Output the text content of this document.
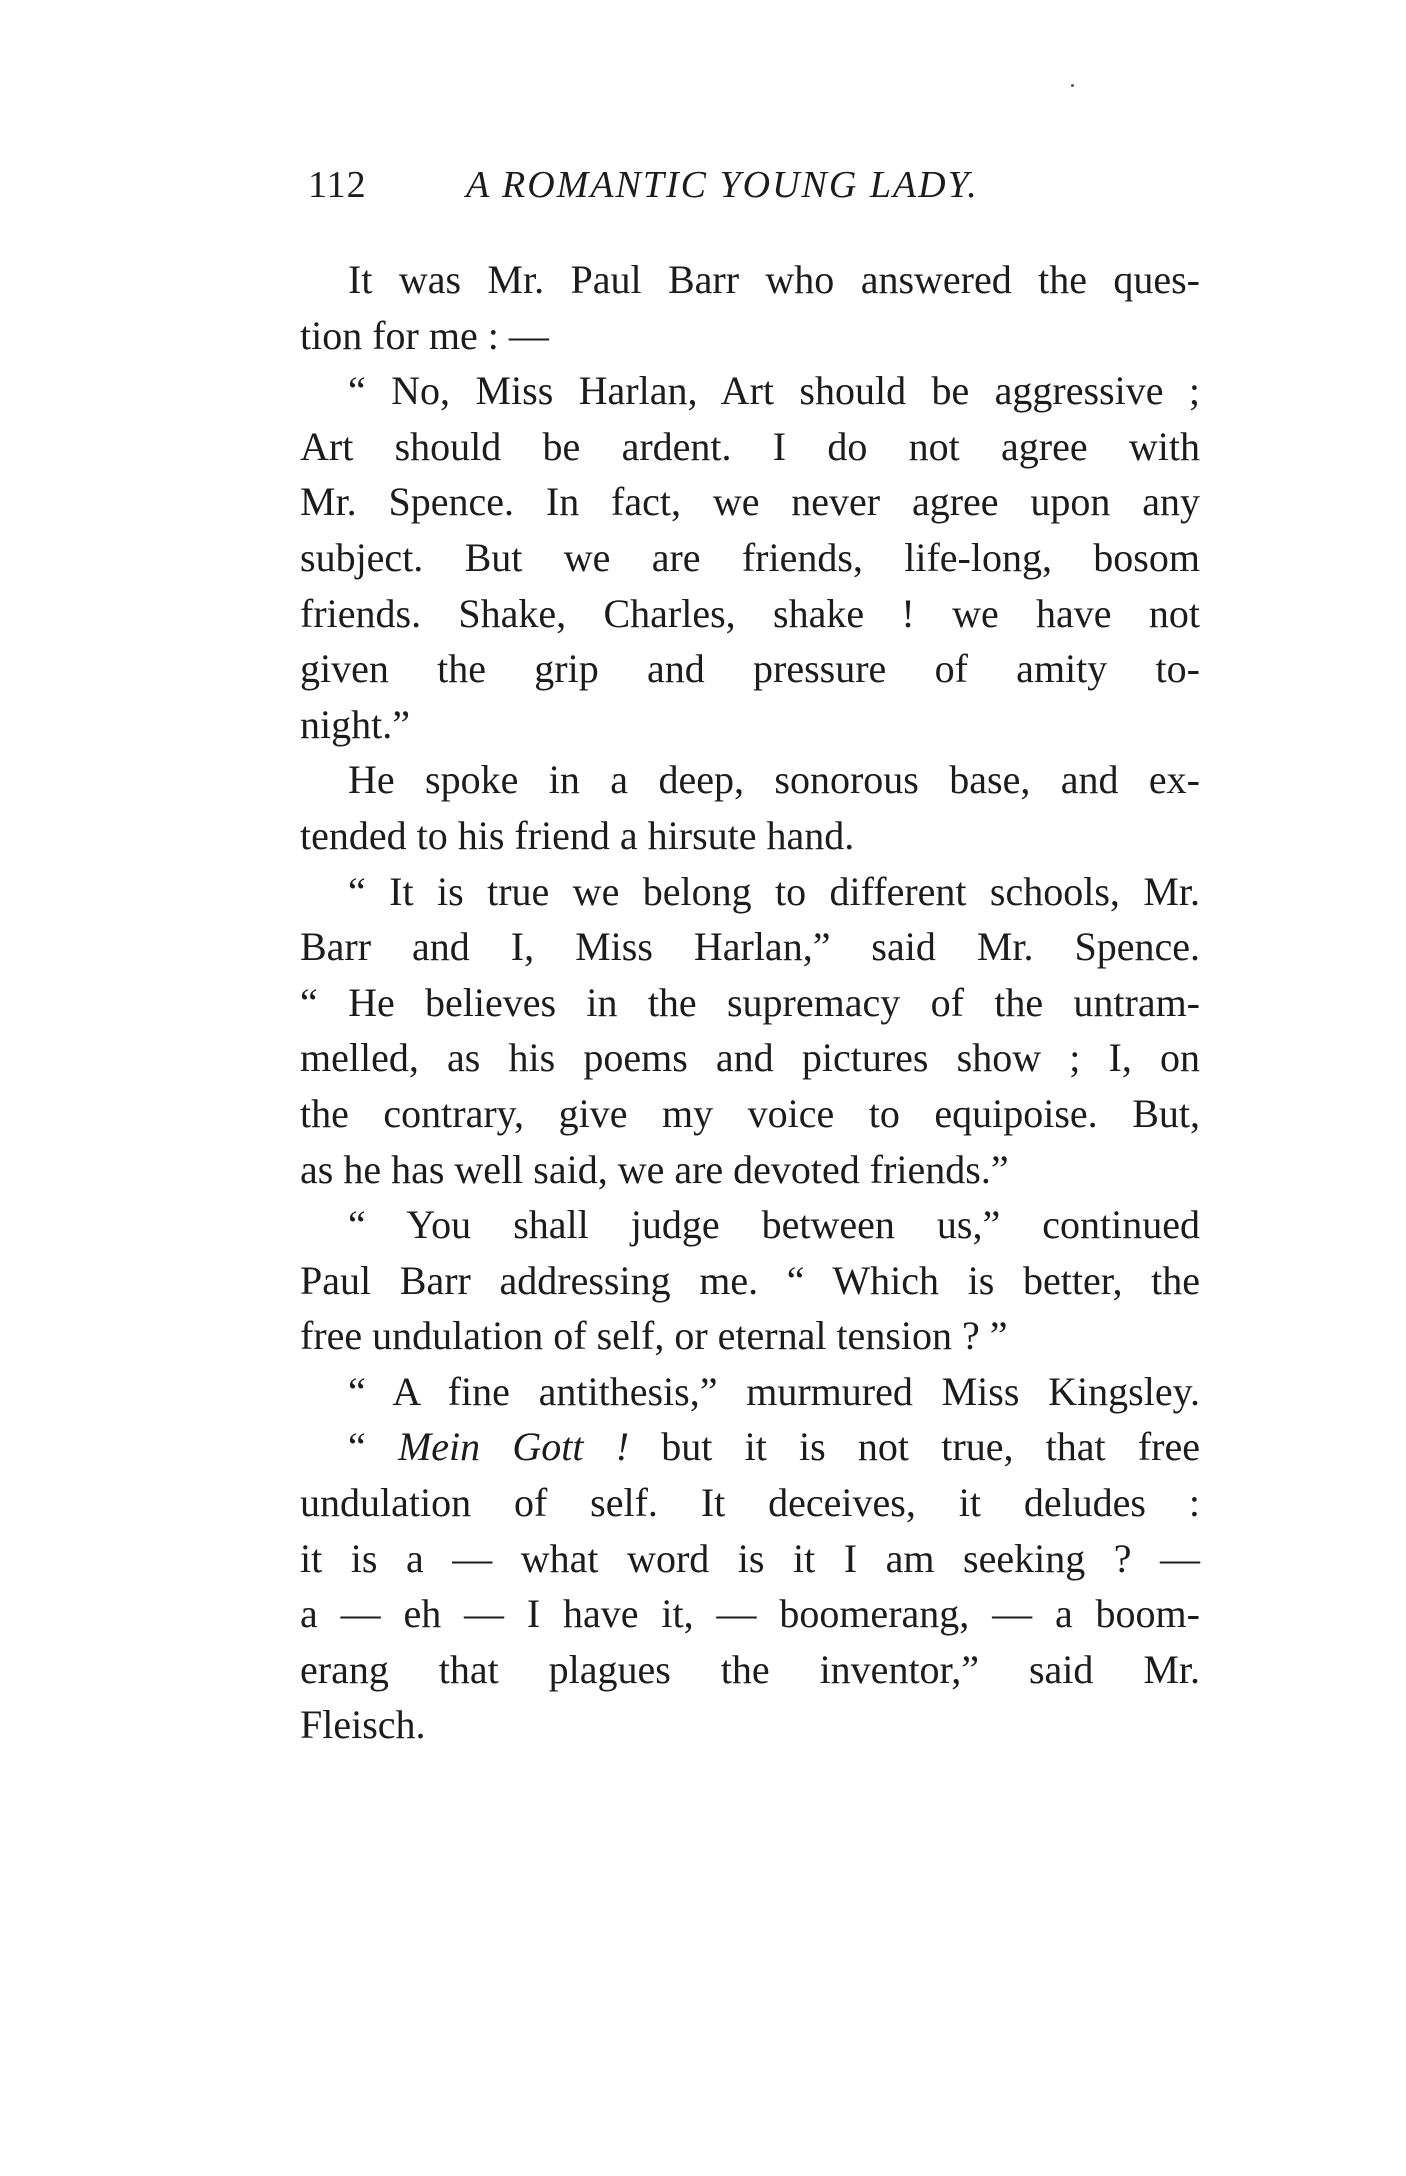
112	A ROMANTIC YOUNG LADY.
It was Mr. Paul Barr who answered the ques-
tion for me : —
“ No, Miss Harlan, Art should be aggressive ;
Art should be ardent. I do not agree with
Mr. Spence. In fact, we never agree upon any
subject. But we are friends, life-long, bosom
friends. Shake, Charles, shake ! we have not
given the grip and pressure of amity to-
night.”
He spoke in a deep, sonorous base, and ex-
tended to his friend a hirsute hand.
“ It is true we belong to different schools, Mr.
Barr and I, Miss Harlan,” said Mr. Spence.
“ He believes in the supremacy of the untram-
melled, as his poems and pictures show ; I, on
the contrary, give my voice to equipoise. But,
as he has well said, we are devoted friends.”
“ You shall judge between us,” continued
Paul Barr addressing me. “ Which is better, the
free undulation of self, or eternal tension ? ”
“ A fine antithesis,” murmured Miss Kingsley.
“ Mein Gott ! but it is not true, that free
undulation of self. It deceives, it deludes :
it is a — what word is it I am seeking ? —
a — eh — I have it, — boomerang, — a boom-
erang that plagues the inventor,” said Mr.
Fleisch.
